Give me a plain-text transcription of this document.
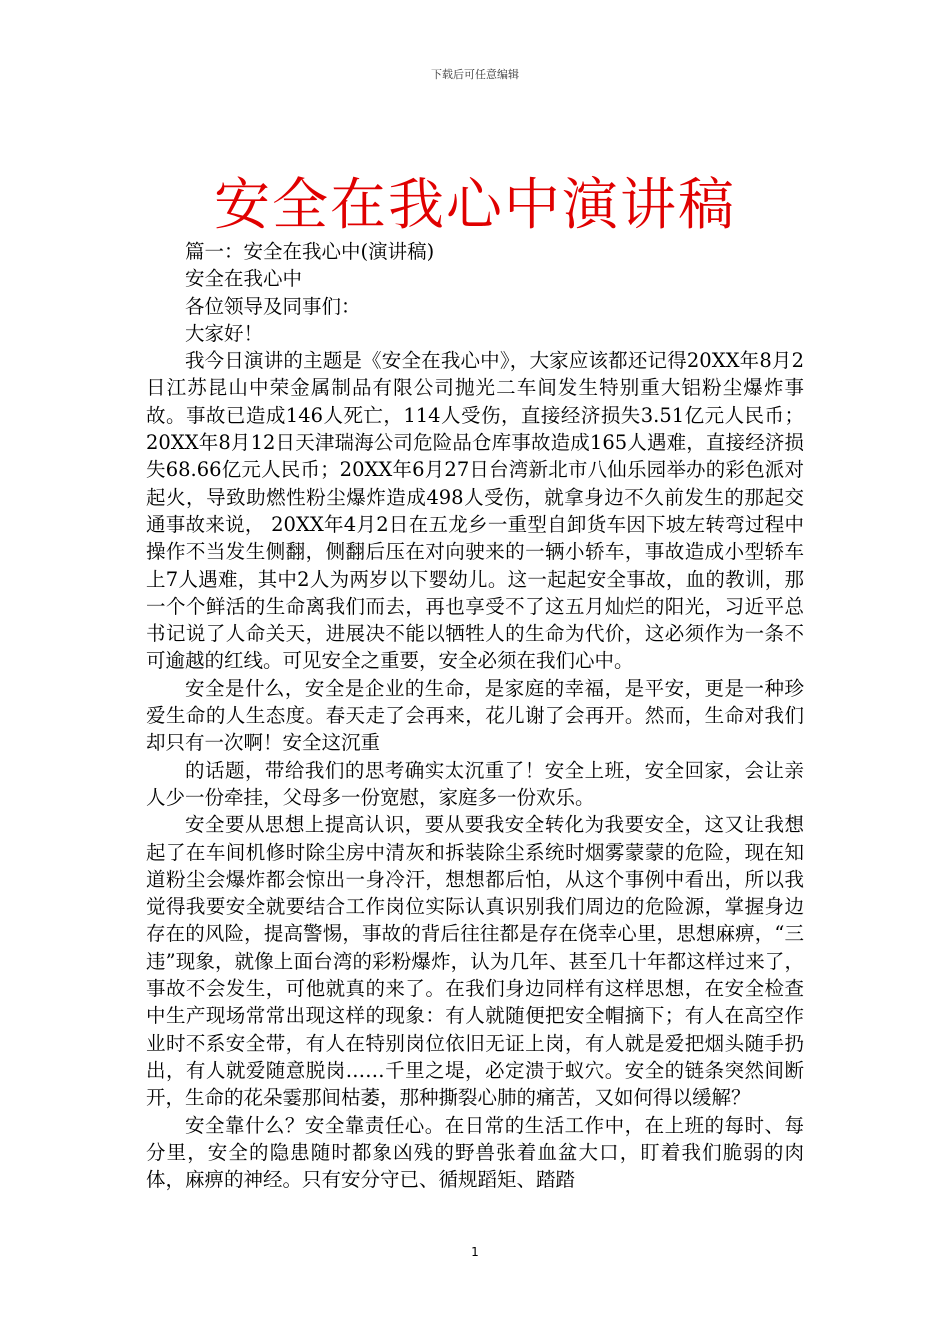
下载后可任意编辑
安全在我心中演讲稿

篇一：安全在我心中(演讲稿)

安全在我心中

各位领导及同事们：

大家好！

我今日演讲的主题是《安全在我心中》，大家应该都还记得20XX年8月2日江苏昆山中荣金属制品有限公司抛光二车间发生特别重大铝粉尘爆炸事故。事故已造成146人死亡，114人受伤，直接经济损失3.51亿元人民币；20XX年8月12日天津瑞海公司危险品仓库事故造成165人遇难，直接经济损失68.66亿元人民币；20XX年6月27日台湾新北市八仙乐园举办的彩色派对起火，导致助燃性粉尘爆炸造成498人受伤，就拿身边不久前发生的那起交通事故来说， 20XX年4月2日在五龙乡一重型自卸货车因下坡左转弯过程中操作不当发生侧翻，侧翻后压在对向驶来的一辆小轿车，事故造成小型轿车上7人遇难，其中2人为两岁以下婴幼儿。这一起起安全事故，血的教训，那一个个鲜活的生命离我们而去，再也享受不了这五月灿烂的阳光，习近平总书记说了人命关天，进展决不能以牺牲人的生命为代价，这必须作为一条不可逾越的红线。可见安全之重要，安全必须在我们心中。

安全是什么，安全是企业的生命，是家庭的幸福，是平安，更是一种珍爱生命的人生态度。春天走了会再来，花儿谢了会再开。然而，生命对我们却只有一次啊！安全这沉重

的话题，带给我们的思考确实太沉重了！安全上班，安全回家，会让亲人少一份牵挂，父母多一份宽慰，家庭多一份欢乐。

安全要从思想上提高认识，要从要我安全转化为我要安全，这又让我想起了在车间机修时除尘房中清灰和拆装除尘系统时烟雾蒙蒙的危险，现在知道粉尘会爆炸都会惊出一身冷汗，想想都后怕，从这个事例中看出，所以我觉得我要安全就要结合工作岗位实际认真识别我们周边的危险源，掌握身边存在的风险，提高警惕，事故的背后往往都是存在侥幸心里，思想麻痹，“三违”现象，就像上面台湾的彩粉爆炸，认为几年、甚至几十年都这样过来了，事故不会发生，可他就真的来了。在我们身边同样有这样思想，在安全检查中生产现场常常出现这样的现象：有人就随便把安全帽摘下；有人在高空作业时不系安全带，有人在特别岗位依旧无证上岗，有人就是爱把烟头随手扔出，有人就爱随意脱岗……千里之堤，必定溃于蚁穴。安全的链条突然间断开，生命的花朵霎那间枯萎，那种撕裂心肺的痛苦，又如何得以缓解？

安全靠什么？安全靠责任心。在日常的生活工作中，在上班的每时、每分里，安全的隐患随时都象凶残的野兽张着血盆大口，盯着我们脆弱的肉体，麻痹的神经。只有安分守已、循规蹈矩、踏踏

1
